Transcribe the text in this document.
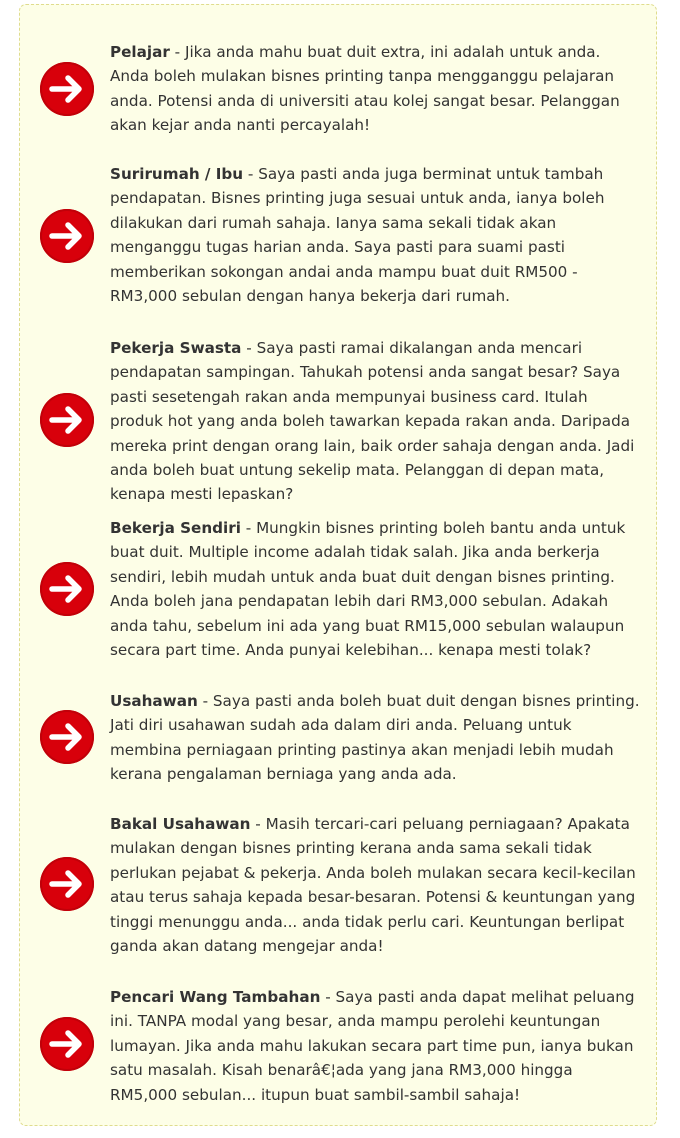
Pelajar - Jika anda mahu buat duit extra, ini adalah untuk anda. Anda boleh mulakan bisnes printing tanpa mengganggu pelajaran anda. Potensi anda di universiti atau kolej sangat besar. Pelanggan akan kejar anda nanti percayalah!

Surirumah / Ibu - Saya pasti anda juga berminat untuk tambah pendapatan. Bisnes printing juga sesuai untuk anda, ianya boleh dilakukan dari rumah sahaja. Ianya sama sekali tidak akan menganggu tugas harian anda. Saya pasti para suami pasti memberikan sokongan andai anda mampu buat duit RM500 - RM3,000 sebulan dengan hanya bekerja dari rumah.

Pekerja Swasta - Saya pasti ramai dikalangan anda mencari pendapatan sampingan. Tahukah potensi anda sangat besar? Saya pasti sesetengah rakan anda mempunyai business card. Itulah produk hot yang anda boleh tawarkan kepada rakan anda. Daripada mereka print dengan orang lain, baik order sahaja dengan anda. Jadi anda boleh buat untung sekelip mata. Pelanggan di depan mata, kenapa mesti lepaskan?

Bekerja Sendiri - Mungkin bisnes printing boleh bantu anda untuk buat duit. Multiple income adalah tidak salah. Jika anda berkerja sendiri, lebih mudah untuk anda buat duit dengan bisnes printing. Anda boleh jana pendapatan lebih dari RM3,000 sebulan. Adakah anda tahu, sebelum ini ada yang buat RM15,000 sebulan walaupun secara part time. Anda punyai kelebihan... kenapa mesti tolak?

Usahawan - Saya pasti anda boleh buat duit dengan bisnes printing. Jati diri usahawan sudah ada dalam diri anda. Peluang untuk membina perniagaan printing pastinya akan menjadi lebih mudah kerana pengalaman berniaga yang anda ada.

Bakal Usahawan - Masih tercari-cari peluang perniagaan? Apakata mulakan dengan bisnes printing kerana anda sama sekali tidak perlukan pejabat & pekerja. Anda boleh mulakan secara kecil-kecilan atau terus sahaja kepada besar-besaran. Potensi & keuntungan yang tinggi menunggu anda... anda tidak perlu cari. Keuntungan berlipat ganda akan datang mengejar anda!

Pencari Wang Tambahan - Saya pasti anda dapat melihat peluang ini. TANPA modal yang besar, anda mampu perolehi keuntungan lumayan. Jika anda mahu lakukan secara part time pun, ianya bukan satu masalah. Kisah benarâ€¦ada yang jana RM3,000 hingga RM5,000 sebulan... itupun buat sambil-sambil sahaja!
